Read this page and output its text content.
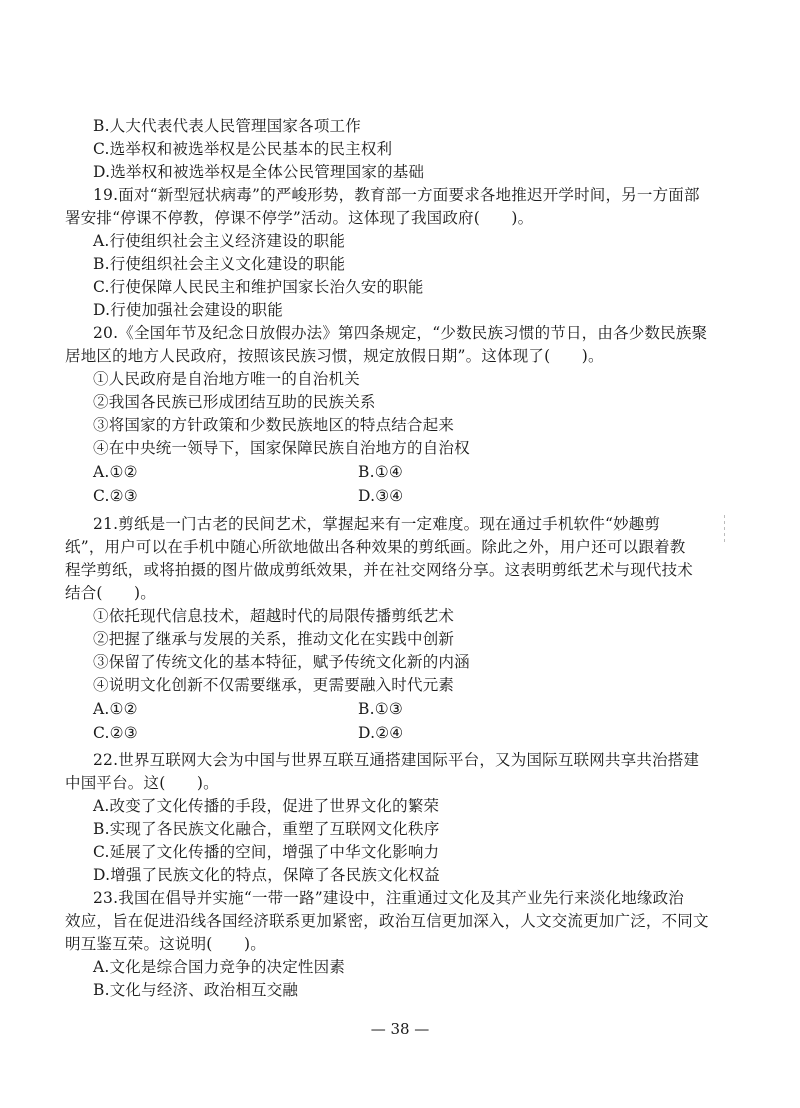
B.人大代表代表人民管理国家各项工作
C.选举权和被选举权是公民基本的民主权利
D.选举权和被选举权是全体公民管理国家的基础
19.面对“新型冠状病毒”的严峻形势，教育部一方面要求各地推迟开学时间，另一方面部
署安排“停课不停教，停课不停学”活动。这体现了我国政府(　　)。
A.行使组织社会主义经济建设的职能
B.行使组织社会主义文化建设的职能
C.行使保障人民民主和维护国家长治久安的职能
D.行使加强社会建设的职能
20.《全国年节及纪念日放假办法》第四条规定，“少数民族习惯的节日，由各少数民族聚
居地区的地方人民政府，按照该民族习惯，规定放假日期”。这体现了(　　)。
①人民政府是自治地方唯一的自治机关
②我国各民族已形成团结互助的民族关系
③将国家的方针政策和少数民族地区的特点结合起来
④在中央统一领导下，国家保障民族自治地方的自治权
A.①②	B.①④
C.②③	D.③④
21.剪纸是一门古老的民间艺术，掌握起来有一定难度。现在通过手机软件“妙趣剪
纸”，用户可以在手机中随心所欲地做出各种效果的剪纸画。除此之外，用户还可以跟着教
程学剪纸，或将拍摄的图片做成剪纸效果，并在社交网络分享。这表明剪纸艺术与现代技术
结合(　　)。
①依托现代信息技术，超越时代的局限传播剪纸艺术
②把握了继承与发展的关系，推动文化在实践中创新
③保留了传统文化的基本特征，赋予传统文化新的内涵
④说明文化创新不仅需要继承，更需要融入时代元素
A.①②	B.①③
C.②③	D.②④
22.世界互联网大会为中国与世界互联互通搭建国际平台，又为国际互联网共享共治搭建
中国平台。这(　　)。
A.改变了文化传播的手段，促进了世界文化的繁荣
B.实现了各民族文化融合，重塑了互联网文化秩序
C.延展了文化传播的空间，增强了中华文化影响力
D.增强了民族文化的特点，保障了各民族文化权益
23.我国在倡导并实施“一带一路”建设中，注重通过文化及其产业先行来淡化地缘政治
效应，旨在促进沿线各国经济联系更加紧密，政治互信更加深入，人文交流更加广泛，不同文
明互鉴互荣。这说明(　　)。
A.文化是综合国力竞争的决定性因素
B.文化与经济、政治相互交融
— 38 —
